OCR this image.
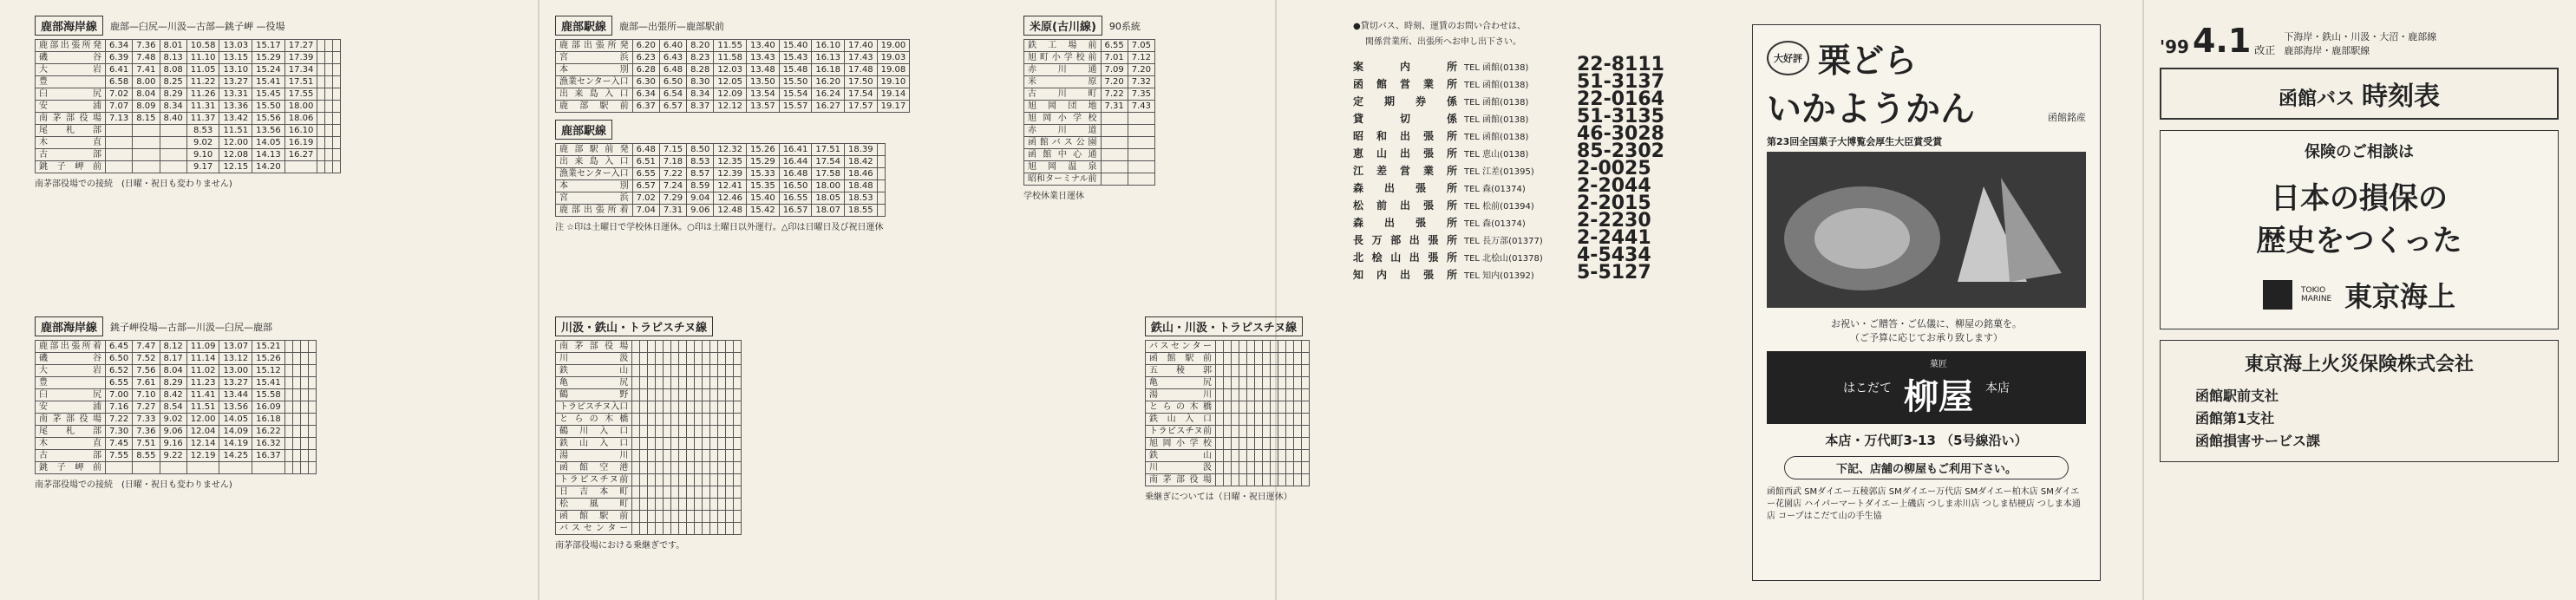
鹿部海岸線	鹿部—臼尻—川汲—古部—銚子岬 —役場
鹿部出張所発	6.34	7.36	8.01	10.58	13.03	15.17	17.27			
磯谷	6.39	7.48	8.13	11.10	13.15	15.29	17.39			
大岩	6.41	7.41	8.08	11.05	13.10	15.24	17.34			
豊	6.58	8.00	8.25	11.22	13.27	15.41	17.51			
臼尻	7.02	8.04	8.29	11.26	13.31	15.45	17.55			
安浦	7.07	8.09	8.34	11.31	13.36	15.50	18.00			
南茅部役場	7.13	8.15	8.40	11.37	13.42	15.56	18.06			
尾札部				8.53	11.51	13.56	16.10			
木直				9.02	12.00	14.05	16.19			
古部				9.10	12.08	14.13	16.27			
銚子岬前				9.17	12.15	14.20				
南茅部役場での接続　 (日曜・祝日も変わりません)
鹿部海岸線	銚子岬役場—古部—川汲—臼尻—鹿部
鹿部出張所着	6.45	7.47	8.12	11.09	13.07	15.21				
磯谷	6.50	7.52	8.17	11.14	13.12	15.26				
大岩	6.52	7.56	8.04	11.02	13.00	15.12				
豊	6.55	7.61	8.29	11.23	13.27	15.41				
臼尻	7.00	7.10	8.42	11.41	13.44	15.58				
安浦	7.16	7.27	8.54	11.51	13.56	16.09				
南茅部役場	7.22	7.33	9.02	12.00	14.05	16.18				
尾札部	7.30	7.36	9.06	12.04	14.09	16.22				
木直	7.45	7.51	9.16	12.14	14.19	16.32				
古部	7.55	8.55	9.22	12.19	14.25	16.37				
銚子岬前										
南茅部役場での接続　 (日曜・祝日も変わりません)
鹿部駅線	鹿部—出張所—鹿部駅前
鹿部出張所発	6.20	6.40	8.20	11.55	13.40	15.40	16.10	17.40	19.00
宮浜	6.23	6.43	8.23	11.58	13.43	15.43	16.13	17.43	19.03
本別	6.28	6.48	8.28	12.03	13.48	15.48	16.18	17.48	19.08
漁業センター入口	6.30	6.50	8.30	12.05	13.50	15.50	16.20	17.50	19.10
出来島入口	6.34	6.54	8.34	12.09	13.54	15.54	16.24	17.54	19.14
鹿部駅前	6.37	6.57	8.37	12.12	13.57	15.57	16.27	17.57	19.17
鹿部駅線
鹿部駅前発	6.48	7.15	8.50	12.32	15.26	16.41	17.51	18.39	
出来島入口	6.51	7.18	8.53	12.35	15.29	16.44	17.54	18.42	
漁業センター入口	6.55	7.22	8.57	12.39	15.33	16.48	17.58	18.46	
本別	6.57	7.24	8.59	12.41	15.35	16.50	18.00	18.48	
宮浜	7.02	7.29	9.04	12.46	15.40	16.55	18.05	18.53	
鹿部出張所着	7.04	7.31	9.06	12.48	15.42	16.57	18.07	18.55	
注 ☆印は土曜日で学校休日運休。○印は土曜日以外運行。△印は日曜日及び祝日運休
米原(古川線)	90系統
鉄工場前	6.55	7.05
旭町小学校前	7.01	7.12
赤川通	7.09	7.20
米原	7.20	7.32
古川町	7.22	7.35
旭岡団地	7.31	7.43
旭岡小学校		
赤川道		
函館バス公園		
函館中心通		
旭岡温泉		
昭和ターミナル前		
学校休業日運休
川汲・鉄山・トラピスチヌ線
南茅部役場														
川汲														
鉄山														
亀尻														
鶴野														
トラピスチヌ入口														
とらの木橋														
鶴川入口														
鉄山入口														
湯川														
函館空港														
トラピスチヌ前														
日吉本町														
松風町														
函館駅前														
バスセンター														
南茅部役場における乗継ぎです。
鉄山・川汲・トラピスチヌ線
バスセンター												
函館駅前												
五稜郭												
亀尻												
湯川												
とらの木橋												
鉄山入口												
トラピスチヌ前												
旭岡小学校												
鉄山												
川汲												
南茅部役場												
乗継ぎについては（日曜・祝日運休）
●貸切バス、時刻、運賃のお問い合わせは、
関係営業所、出張所へお申し出下さい。
案内所 TEL 函館(0138)	22-8111
函館営業所 TEL 函館(0138)	51-3137
定期券係 TEL 函館(0138)	22-0164
貸切係 TEL 函館(0138)	51-3135
昭和出張所 TEL 函館(0138)	46-3028
恵山出張所 TEL 恵山(0138)	85-2302
江差営業所 TEL 江差(01395)	2-0025
森出張所 TEL 森(01374)	2-2044
松前出張所 TEL 松前(01394)	2-2015
森出張所 TEL 森(01374)	2-2230
長万部出張所 TEL 長万部(01377)	2-2441
北桧山出張所 TEL 北桧山(01378)	4-5434
知内出張所 TEL 知内(01392)	5-5127
大好評 栗どら
いかようかん	函館銘産
第23回全国菓子大博覧会厚生大臣賞受賞
お祝い・ご贈答・ご仏儀に、柳屋の銘菓を。
（ご予算に応じてお承り致します）
はこだて
菓匠
柳屋 本店
本店・万代町3-13 （5号線沿い）
下記、店舗の柳屋もご利用下さい。
函館西武 SMダイエー五稜郭店 SMダイエー万代店 SMダイエー柏木店 SMダイエー花園店 ハイパーマートダイエー上磯店 つしま赤川店 つしま桔梗店 つしま本通店 コープはこだて山の手生協
'99 4.1 改正
下海岸・鉄山・川汲・大沼・鹿部線
鹿部海岸・鹿部駅線
函館バス 時刻表
保険のご相談は
日本の損保の
歴史をつくった
TOKIO MARINE 東京海上
東京海上火災保険株式会社
函館駅前支社
函館第1支社
函館損害サービス課
